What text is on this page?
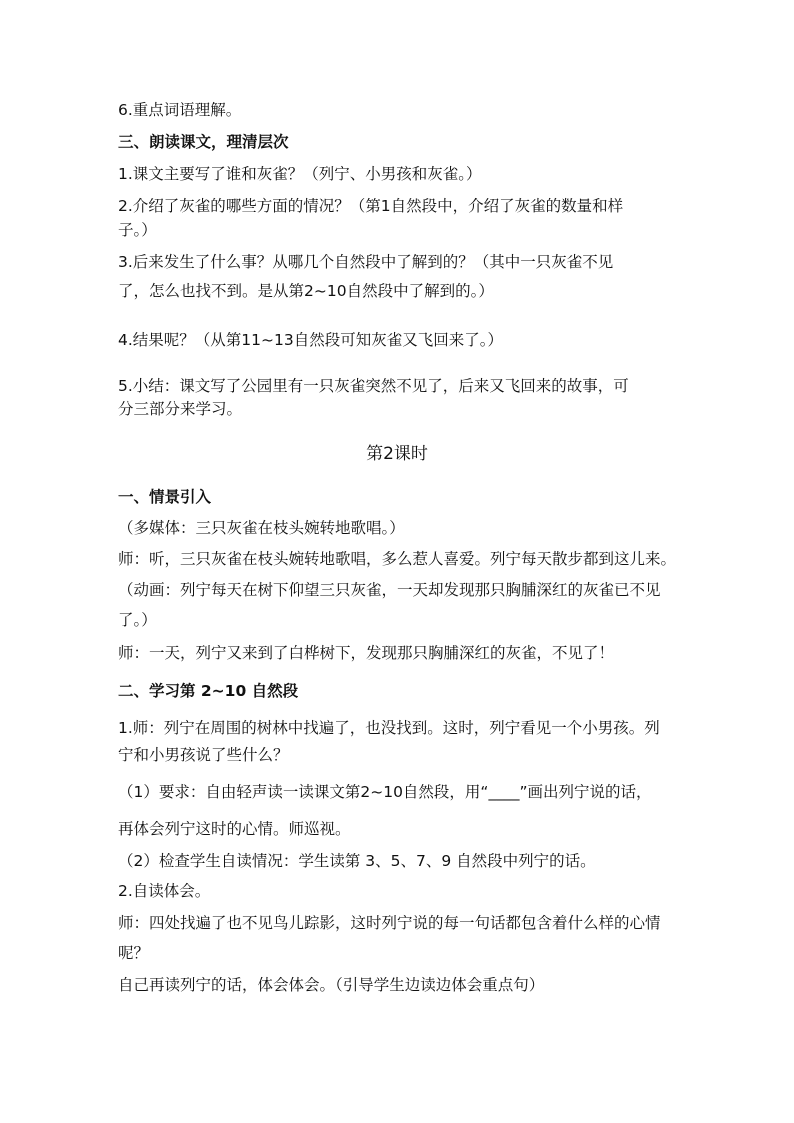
6.重点词语理解。
三、朗读课文，理清层次
1.课文主要写了谁和灰雀？（列宁、小男孩和灰雀。）
2.介绍了灰雀的哪些方面的情况？（第1自然段中，介绍了灰雀的数量和样
子。）
3.后来发生了什么事？从哪几个自然段中了解到的？（其中一只灰雀不见
了，怎么也找不到。是从第2~10自然段中了解到的。）
4.结果呢？（从第11~13自然段可知灰雀又飞回来了。）
5.小结：课文写了公园里有一只灰雀突然不见了，后来又飞回来的故事，可
分三部分来学习。
第2课时
一、情景引入
（多媒体：三只灰雀在枝头婉转地歌唱。）
师：听，三只灰雀在枝头婉转地歌唱，多么惹人喜爱。列宁每天散步都到这儿来。
（动画：列宁每天在树下仰望三只灰雀，一天却发现那只胸脯深红的灰雀已不见
了。）
师：一天，列宁又来到了白桦树下，发现那只胸脯深红的灰雀，不见了！
二、学习第 2~10 自然段
1.师：列宁在周围的树林中找遍了，也没找到。这时，列宁看见一个小男孩。列
宁和小男孩说了些什么？
（1）要求：自由轻声读一读课文第2~10自然段，用“____”画出列宁说的话，
再体会列宁这时的心情。师巡视。
（2）检查学生自读情况：学生读第 3、5、7、9 自然段中列宁的话。
2.自读体会。
师：四处找遍了也不见鸟儿踪影，这时列宁说的每一句话都包含着什么样的心情
呢？
自己再读列宁的话，体会体会。（引导学生边读边体会重点句）
